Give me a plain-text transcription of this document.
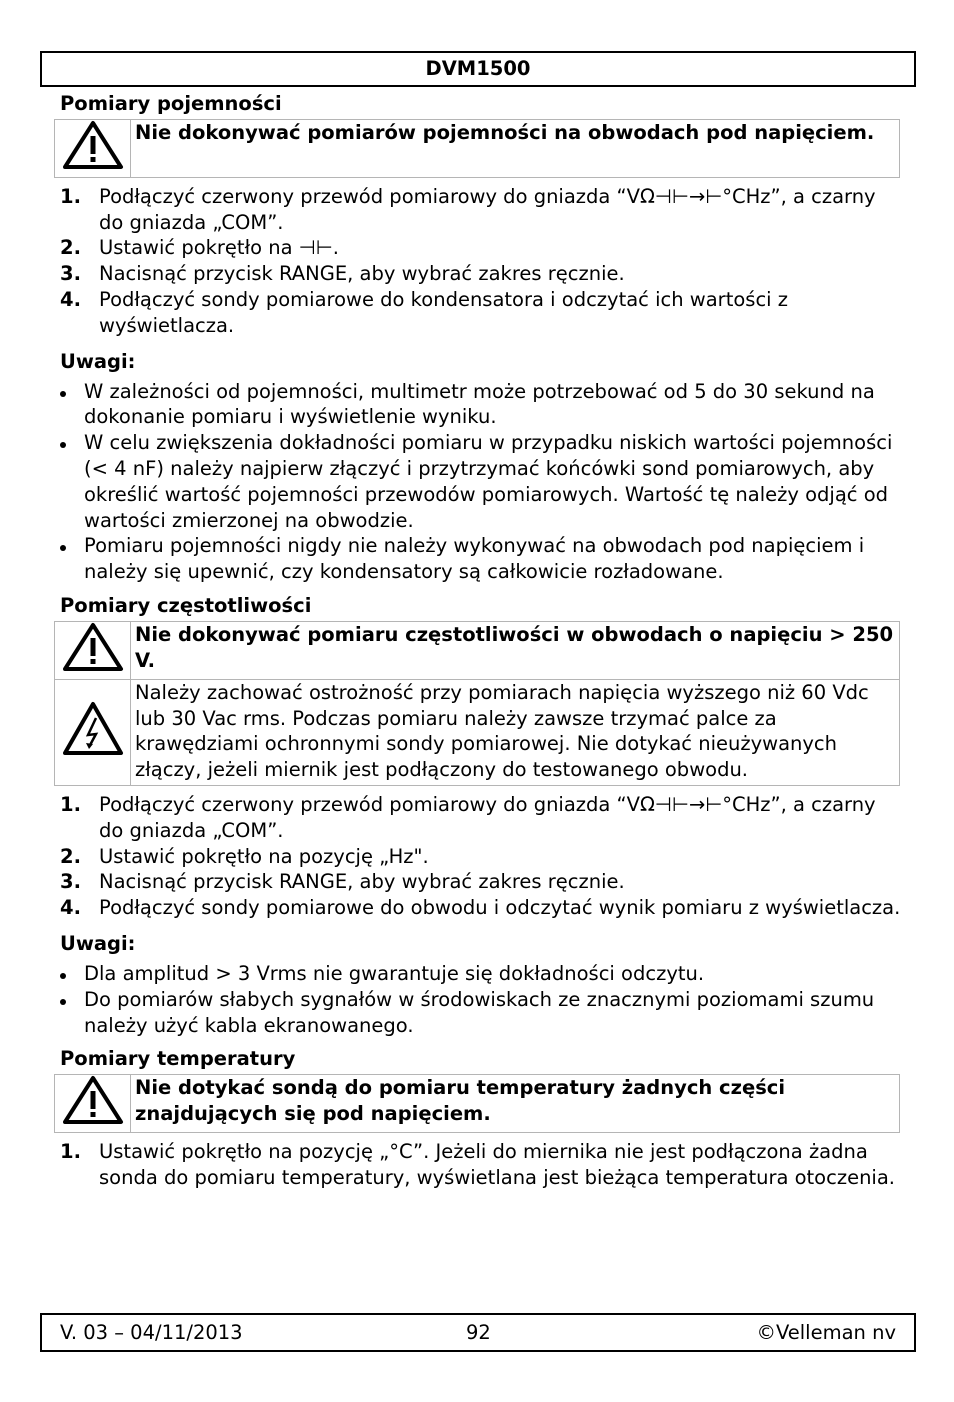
DVM1500
Pomiary pojemności
	Nie dokonywać pomiarów pojemności na obwodach pod napięciem.
1. Podłączyć czerwony przewód pomiarowy do gniazda “VΩ⊣⊢→⊢°CHz”, a czarny do gniazda „COM”.
2. Ustawić pokrętło na ⊣⊢.
3. Nacisnąć przycisk RANGE, aby wybrać zakres ręcznie.
4. Podłączyć sondy pomiarowe do kondensatora i odczytać ich wartości z wyświetlacza.
Uwagi:
W zależności od pojemności, multimetr może potrzebować od 5 do 30 sekund na dokonanie pomiaru i wyświetlenie wyniku.
W celu zwiększenia dokładności pomiaru w przypadku niskich wartości pojemności (< 4 nF) należy najpierw złączyć i przytrzymać końcówki sond pomiarowych, aby określić wartość pojemności przewodów pomiarowych. Wartość tę należy odjąć od wartości zmierzonej na obwodzie.
Pomiaru pojemności nigdy nie należy wykonywać na obwodach pod napięciem i należy się upewnić, czy kondensatory są całkowicie rozładowane.
Pomiary częstotliwości
	Nie dokonywać pomiaru częstotliwości w obwodach o napięciu > 250 V.
	Należy zachować ostrożność przy pomiarach napięcia wyższego niż 60 Vdc lub 30 Vac rms. Podczas pomiaru należy zawsze trzymać palce za krawędziami ochronnymi sondy pomiarowej. Nie dotykać nieużywanych złączy, jeżeli miernik jest podłączony do testowanego obwodu.
1. Podłączyć czerwony przewód pomiarowy do gniazda “VΩ⊣⊢→⊢°CHz”, a czarny do gniazda „COM”.
2. Ustawić pokrętło na pozycję „Hz".
3. Nacisnąć przycisk RANGE, aby wybrać zakres ręcznie.
4. Podłączyć sondy pomiarowe do obwodu i odczytać wynik pomiaru z wyświetlacza.
Uwagi:
Dla amplitud > 3 Vrms nie gwarantuje się dokładności odczytu.
Do pomiarów słabych sygnałów w środowiskach ze znacznymi poziomami szumu należy użyć kabla ekranowanego.
Pomiary temperatury
	Nie dotykać sondą do pomiaru temperatury żadnych części znajdujących się pod napięciem.
1. Ustawić pokrętło na pozycję „°C”. Jeżeli do miernika nie jest podłączona żadna sonda do pomiaru temperatury, wyświetlana jest bieżąca temperatura otoczenia.
V. 03 – 04/11/2013	92	©Velleman nv
